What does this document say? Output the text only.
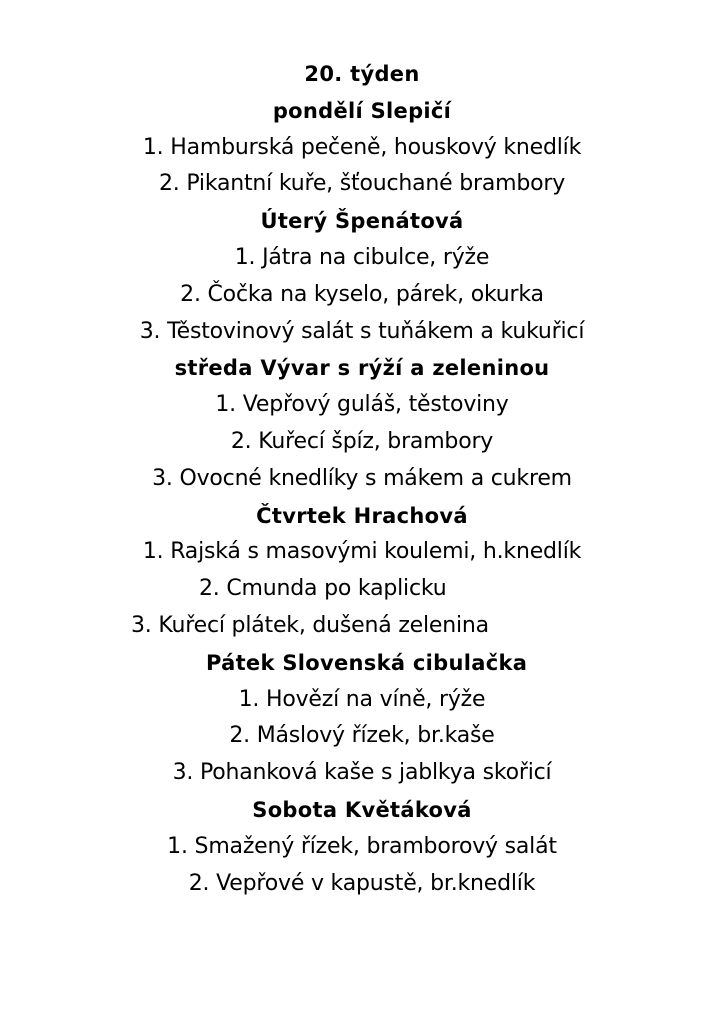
20. týden
pondělí Slepičí
1. Hamburská pečeně, houskový knedlík
2. Pikantní kuře, šťouchané brambory
Úterý Špenátová
1. Játra na cibulce, rýže
2. Čočka na kyselo, párek, okurka
3. Těstovinový salát s tuňákem a kukuřicí
středa Vývar s rýží a zeleninou
1. Vepřový guláš, těstoviny
2. Kuřecí špíz, brambory
3. Ovocné knedlíky s mákem a cukrem
Čtvrtek Hrachová
1. Rajská s masovými koulemi, h.knedlík
2. Cmunda po kaplicku
3. Kuřecí plátek, dušená zelenina
Pátek Slovenská cibulačka
1. Hovězí na víně, rýže
2. Máslový řízek, br.kaše
3. Pohanková kaše s jablkya skořicí
Sobota Květáková
1. Smažený řízek, bramborový salát
2. Vepřové v kapustě, br.knedlík
